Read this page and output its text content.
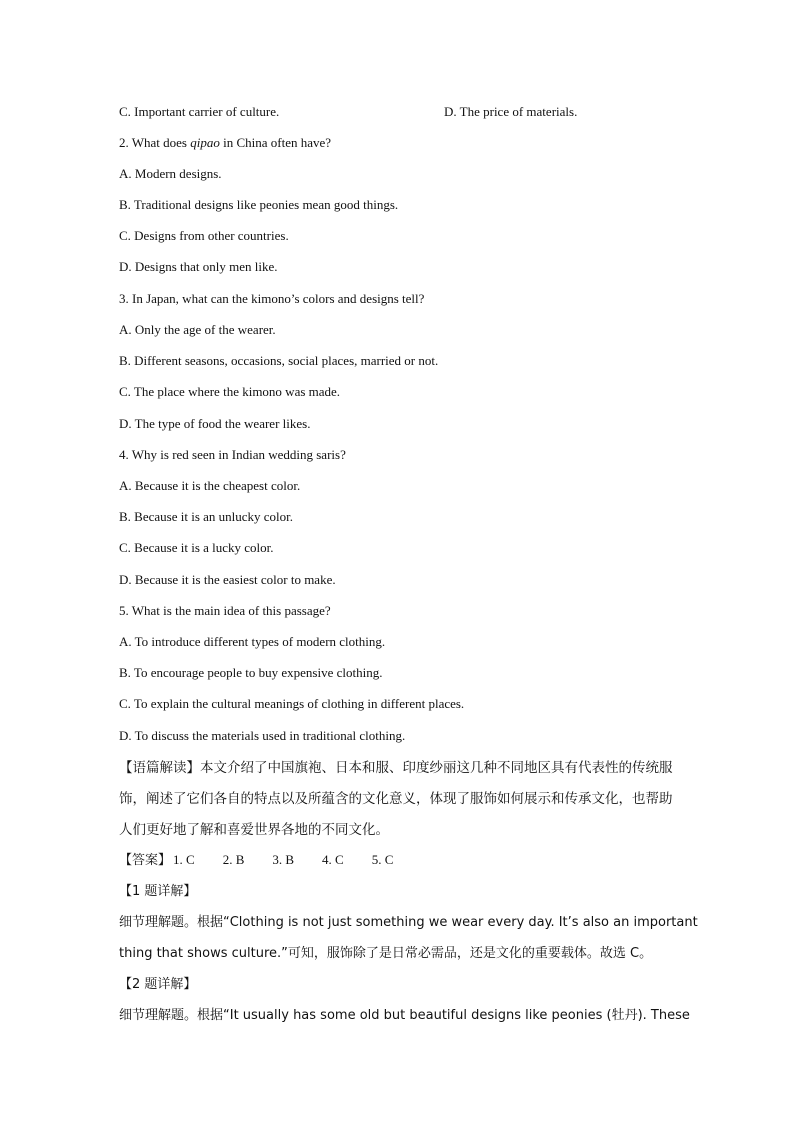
C. Important carrier of culture.	D. The price of materials.
2. What does qipao in China often have?
A. Modern designs.
B. Traditional designs like peonies mean good things.
C. Designs from other countries.
D. Designs that only men like.
3. In Japan, what can the kimono’s colors and designs tell?
A. Only the age of the wearer.
B. Different seasons, occasions, social places, married or not.
C. The place where the kimono was made.
D. The type of food the wearer likes.
4. Why is red seen in Indian wedding saris?
A. Because it is the cheapest color.
B. Because it is an unlucky color.
C. Because it is a lucky color.
D. Because it is the easiest color to make.
5. What is the main idea of this passage?
A. To introduce different types of modern clothing.
B. To encourage people to buy expensive clothing.
C. To explain the cultural meanings of clothing in different places.
D. To discuss the materials used in traditional clothing.
【语篇解读】本文介绍了中国旗袍、日本和服、印度纱丽这几种不同地区具有代表性的传统服饰，阐述了它们各自的特点以及所蕴含的文化意义，体现了服饰如何展示和传承文化，也帮助人们更好地了解和喜爱世界各地的不同文化。
【答案】 1. C 2. B 3. B 4. C 5. C
【1 题详解】
细节理解题。根据“Clothing is not just something we wear every day. It’s also an important
thing that shows culture.”可知，服饰除了是日常必需品，还是文化的重要载体。故选 C。
【2 题详解】
细节理解题。根据“It usually has some old but beautiful designs like peonies (牡丹). These
